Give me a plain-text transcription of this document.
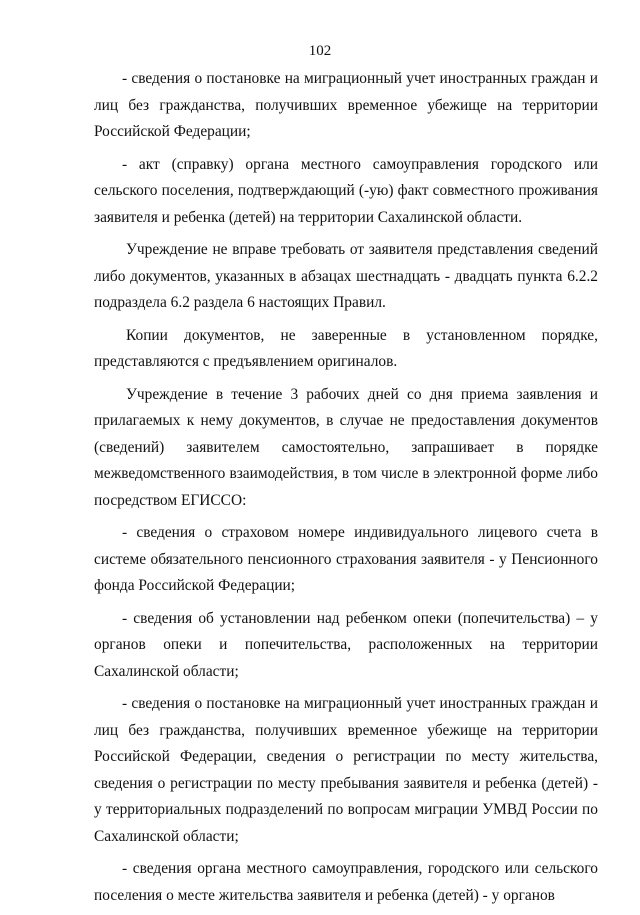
102

- сведения о постановке на миграционный учет иностранных граждан и лиц без гражданства, получивших временное убежище на территории Российской Федерации;

- акт (справку) органа местного самоуправления городского или сельского поселения, подтверждающий (-ую) факт совместного проживания заявителя и ребенка (детей) на территории Сахалинской области.

Учреждение не вправе требовать от заявителя представления сведений либо документов, указанных в абзацах шестнадцать - двадцать пункта 6.2.2 подраздела 6.2 раздела 6 настоящих Правил.

Копии документов, не заверенные в установленном порядке, представляются с предъявлением оригиналов.

Учреждение в течение 3 рабочих дней со дня приема заявления и прилагаемых к нему документов, в случае не предоставления документов (сведений) заявителем самостоятельно, запрашивает в порядке межведомственного взаимодействия, в том числе в электронной форме либо посредством ЕГИССО:

- сведения о страховом номере индивидуального лицевого счета в системе обязательного пенсионного страхования заявителя - у Пенсионного фонда Российской Федерации;

- сведения об установлении над ребенком опеки (попечительства) – у органов опеки и попечительства, расположенных на территории Сахалинской области;

- сведения о постановке на миграционный учет иностранных граждан и лиц без гражданства, получивших временное убежище на территории Российской Федерации, сведения о регистрации по месту жительства, сведения о регистрации по месту пребывания заявителя и ребенка (детей) - у территориальных подразделений по вопросам миграции УМВД России по Сахалинской области;

- сведения органа местного самоуправления, городского или сельского поселения о месте жительства заявителя и ребенка (детей) - у органов
